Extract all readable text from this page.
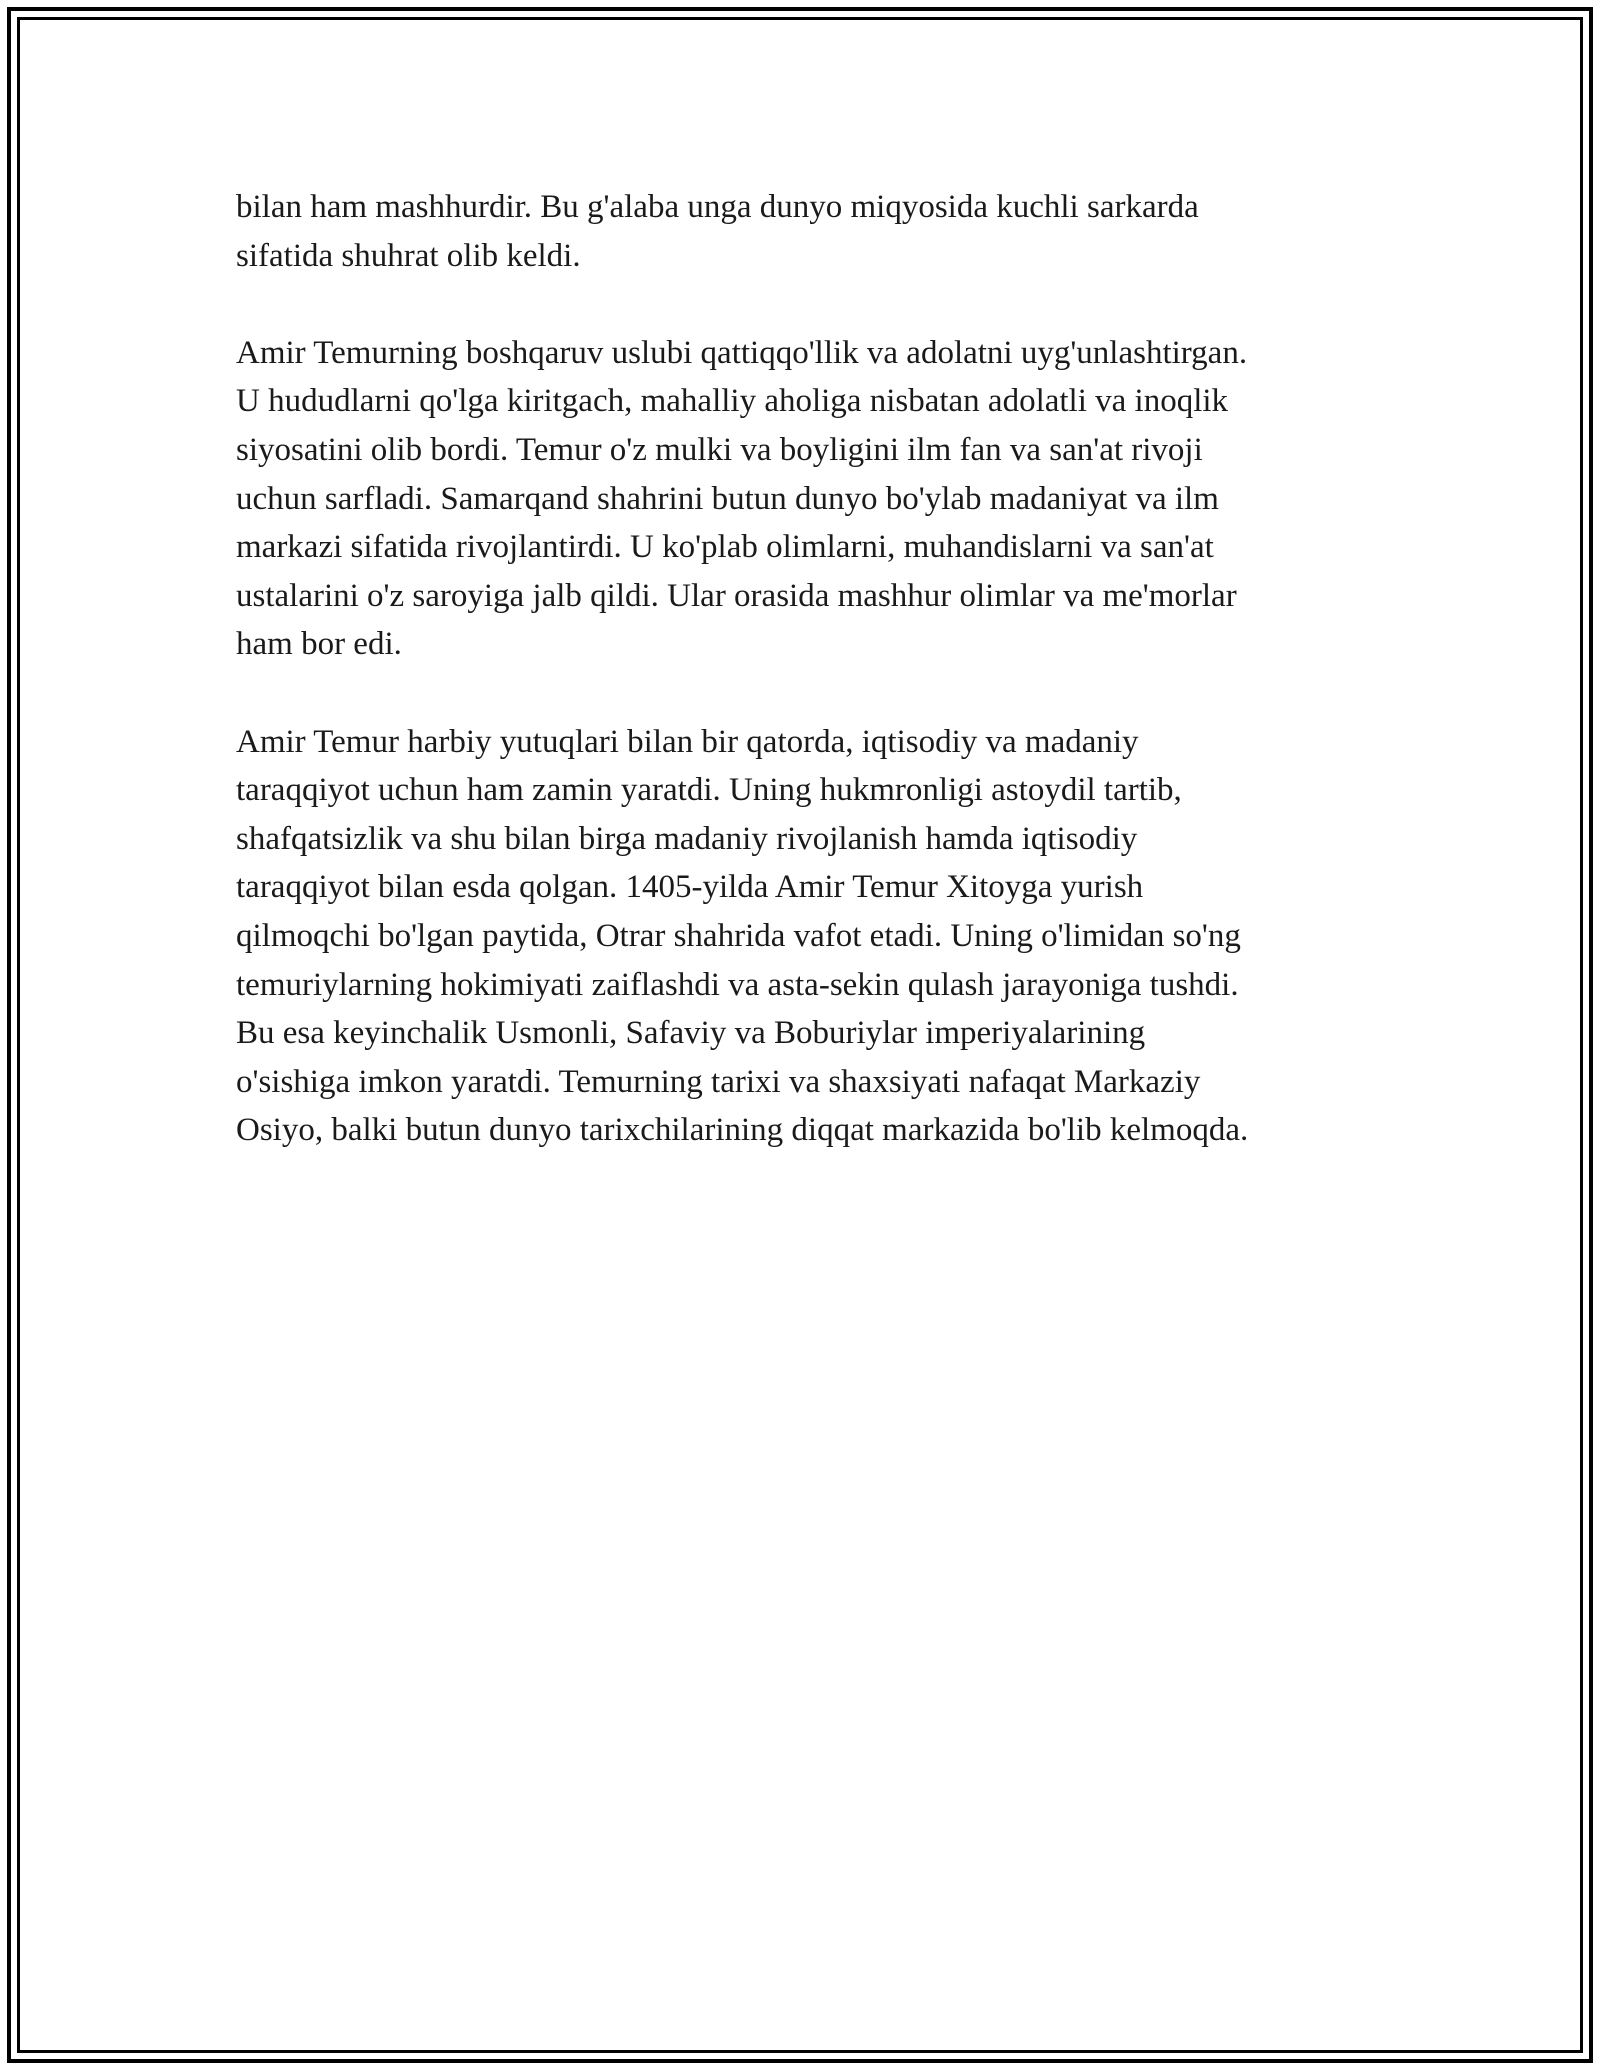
bilan ham mashhurdir. Bu g'alaba unga dunyo miqyosida kuchli sarkarda
sifatida shuhrat olib keldi.

Amir Temurning boshqaruv uslubi qattiqqo'llik va adolatni uyg'unlashtirgan.
U hududlarni qo'lga kiritgach, mahalliy aholiga nisbatan adolatli va inoqlik
siyosatini olib bordi. Temur o'z mulki va boyligini ilm fan va san'at rivoji
uchun sarfladi. Samarqand shahrini butun dunyo bo'ylab madaniyat va ilm
markazi sifatida rivojlantirdi. U ko'plab olimlarni, muhandislarni va san'at
ustalarini o'z saroyiga jalb qildi. Ular orasida mashhur olimlar va me'morlar
ham bor edi.

Amir Temur harbiy yutuqlari bilan bir qatorda, iqtisodiy va madaniy
taraqqiyot uchun ham zamin yaratdi. Uning hukmronligi astoydil tartib,
shafqatsizlik va shu bilan birga madaniy rivojlanish hamda iqtisodiy
taraqqiyot bilan esda qolgan. 1405-yilda Amir Temur Xitoyga yurish
qilmoqchi bo'lgan paytida, Otrar shahrida vafot etadi. Uning o'limidan so'ng
temuriylarning hokimiyati zaiflashdi va asta-sekin qulash jarayoniga tushdi.
Bu esa keyinchalik Usmonli, Safaviy va Boburiylar imperiyalarining
o'sishiga imkon yaratdi. Temurning tarixi va shaxsiyati nafaqat Markaziy
Osiyo, balki butun dunyo tarixchilarining diqqat markazida bo'lib kelmoqda.
